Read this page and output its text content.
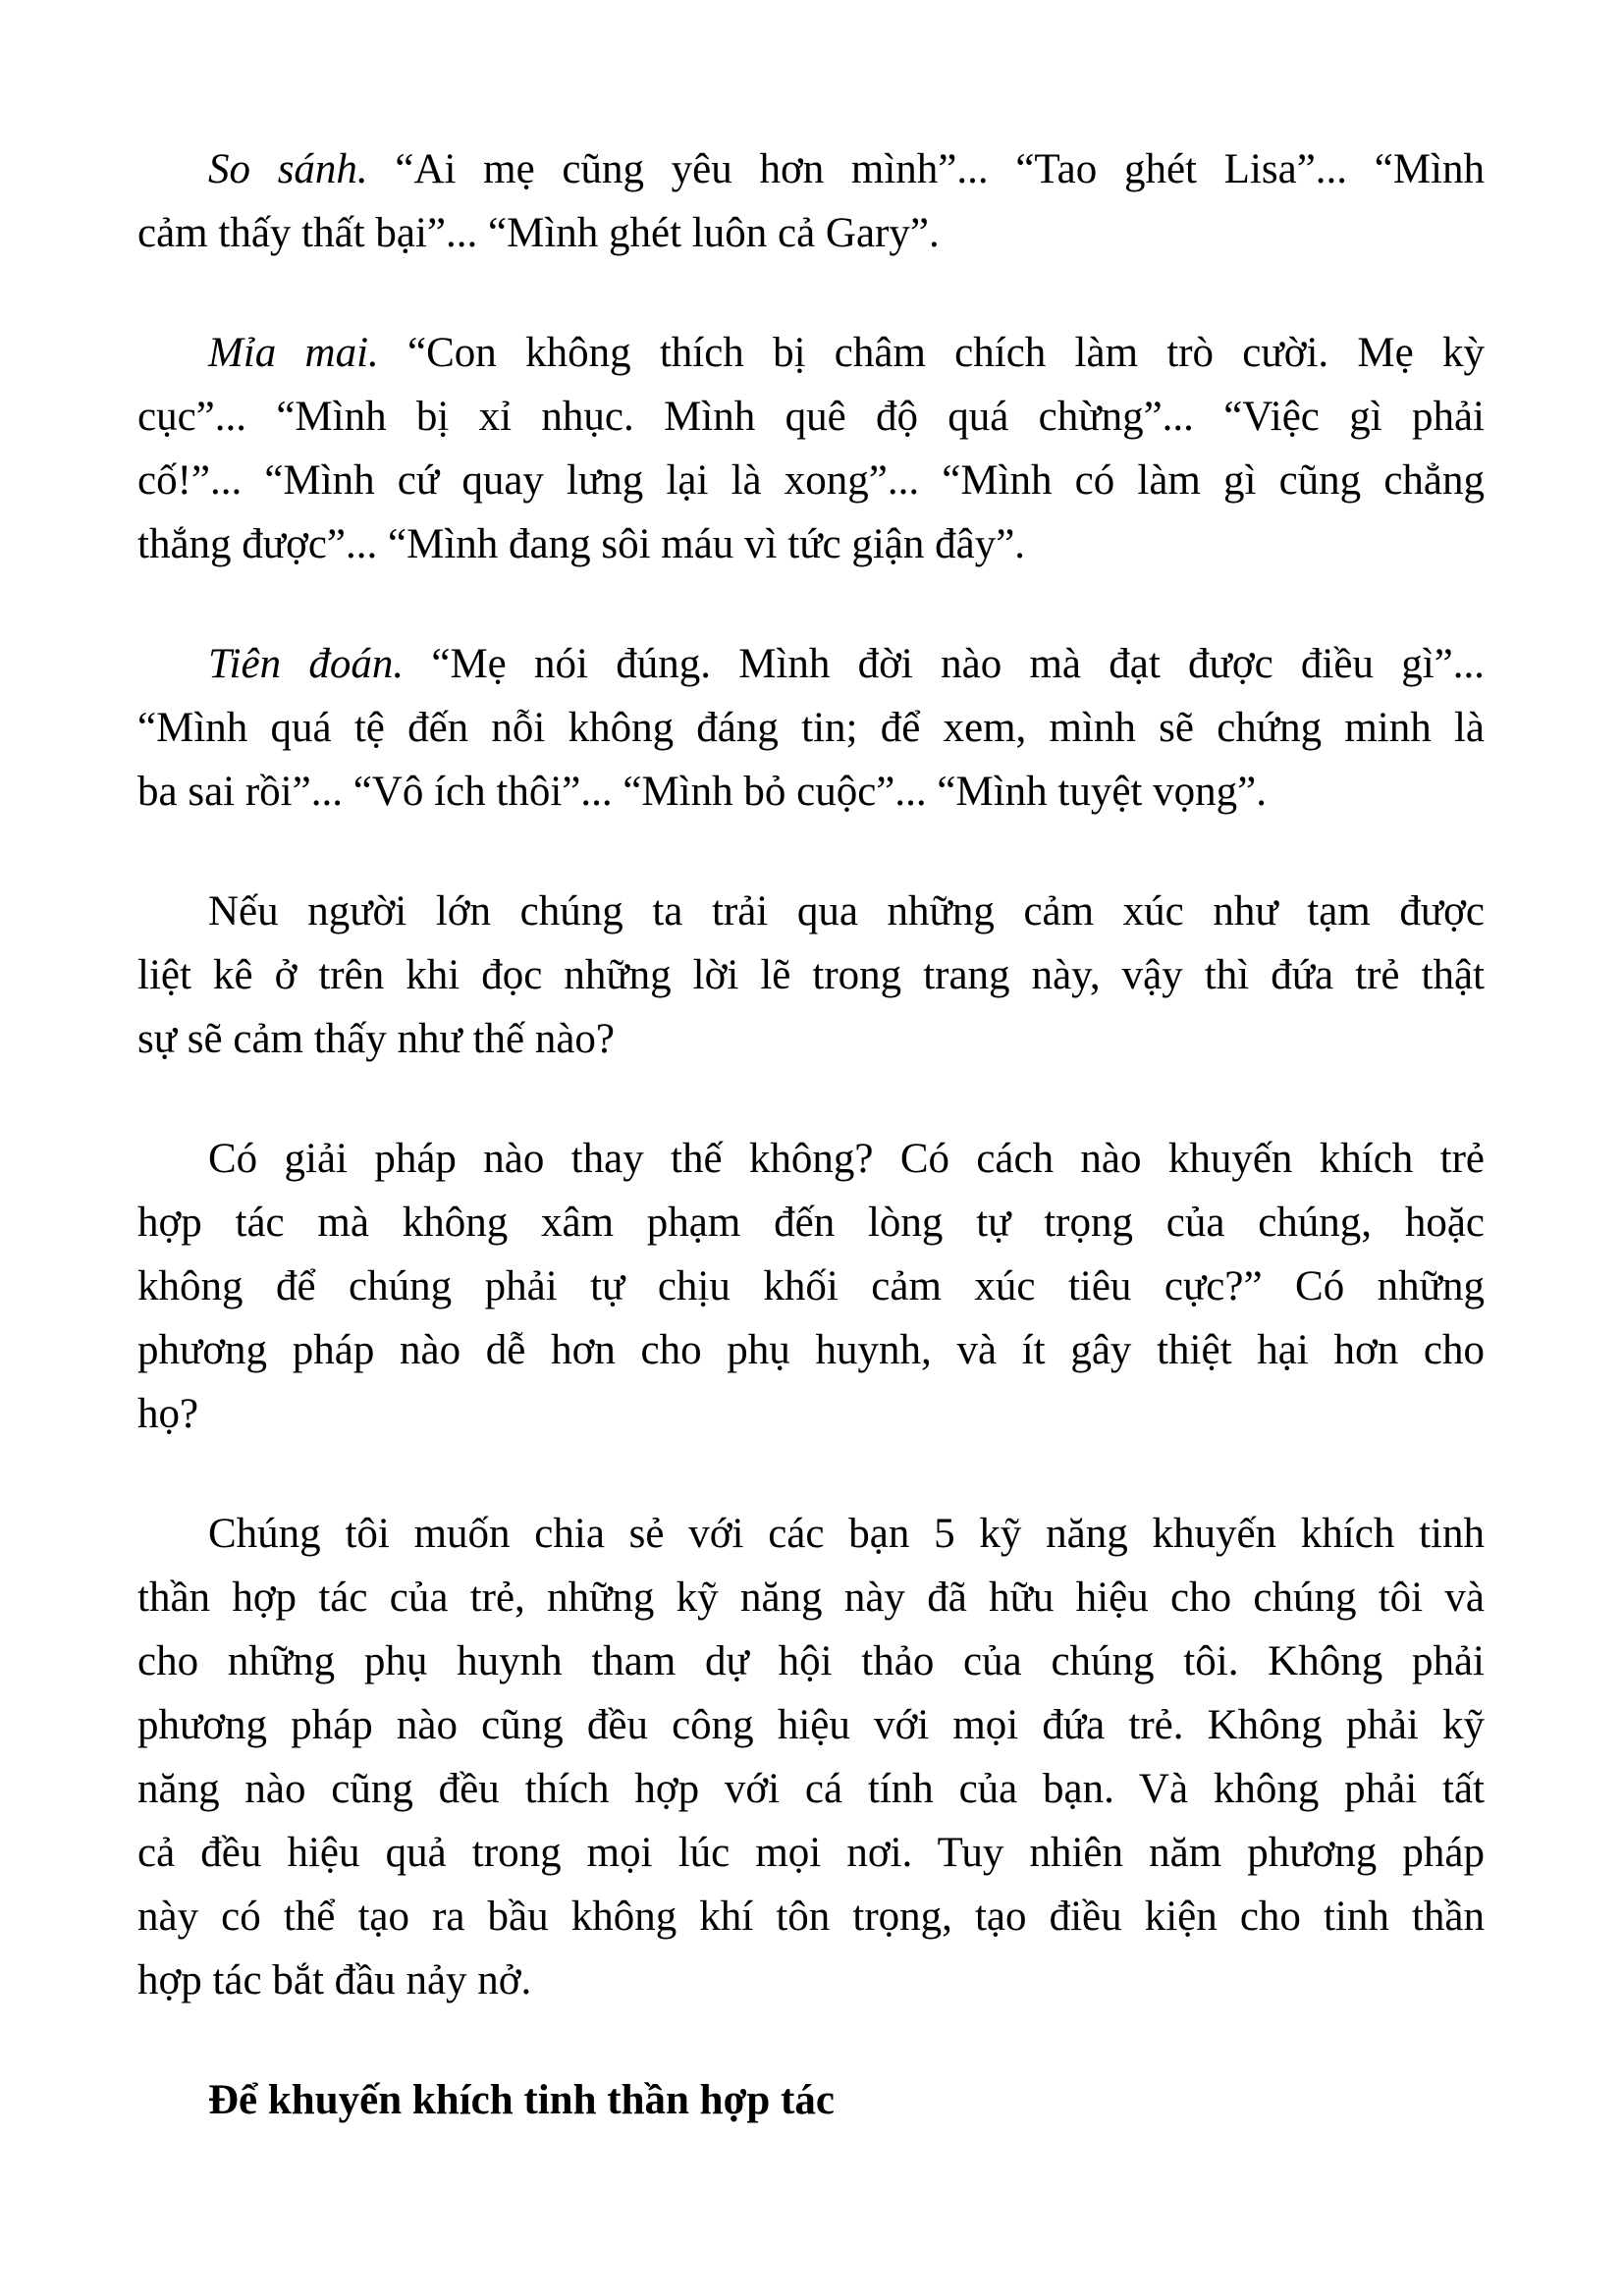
So sánh. “Ai mẹ cũng yêu hơn mình”... “Tao ghét Lisa”... “Mình
cảm thấy thất bại”... “Mình ghét luôn cả Gary”.
Mỉa mai. “Con không thích bị châm chích làm trò cười. Mẹ kỳ
cục”... “Mình bị xỉ nhục. Mình quê độ quá chừng”... “Việc gì phải
cố!”... “Mình cứ quay lưng lại là xong”... “Mình có làm gì cũng chẳng
thắng được”... “Mình đang sôi máu vì tức giận đây”.
Tiên đoán. “Mẹ nói đúng. Mình đời nào mà đạt được điều gì”...
“Mình quá tệ đến nỗi không đáng tin; để xem, mình sẽ chứng minh là
ba sai rồi”... “Vô ích thôi”... “Mình bỏ cuộc”... “Mình tuyệt vọng”.
Nếu người lớn chúng ta trải qua những cảm xúc như tạm được
liệt kê ở trên khi đọc những lời lẽ trong trang này, vậy thì đứa trẻ thật
sự sẽ cảm thấy như thế nào?
Có giải pháp nào thay thế không? Có cách nào khuyến khích trẻ
hợp tác mà không xâm phạm đến lòng tự trọng của chúng, hoặc
không để chúng phải tự chịu khối cảm xúc tiêu cực?” Có những
phương pháp nào dễ hơn cho phụ huynh, và ít gây thiệt hại hơn cho
họ?
Chúng tôi muốn chia sẻ với các bạn 5 kỹ năng khuyến khích tinh
thần hợp tác của trẻ, những kỹ năng này đã hữu hiệu cho chúng tôi và
cho những phụ huynh tham dự hội thảo của chúng tôi. Không phải
phương pháp nào cũng đều công hiệu với mọi đứa trẻ. Không phải kỹ
năng nào cũng đều thích hợp với cá tính của bạn. Và không phải tất
cả đều hiệu quả trong mọi lúc mọi nơi. Tuy nhiên năm phương pháp
này có thể tạo ra bầu không khí tôn trọng, tạo điều kiện cho tinh thần
hợp tác bắt đầu nảy nở.
Để khuyến khích tinh thần hợp tác
